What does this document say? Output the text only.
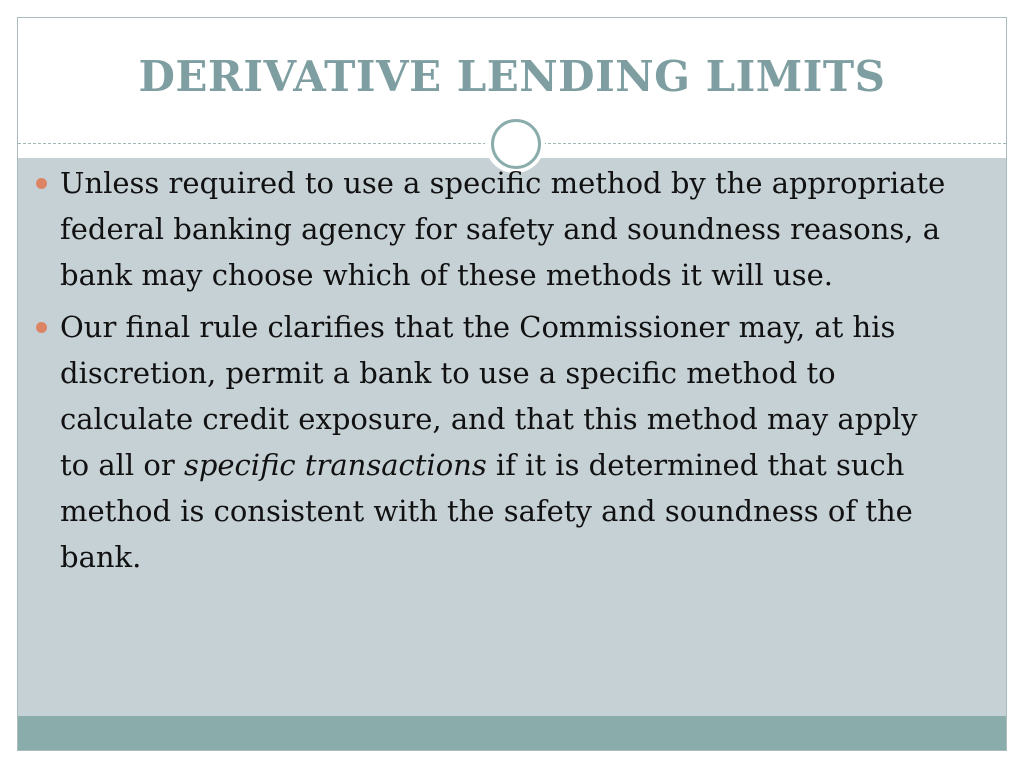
DERIVATIVE LENDING LIMITS
Unless required to use a specific method by the appropriate federal banking agency for safety and soundness reasons, a bank may choose which of these methods it will use.
Our final rule clarifies that the Commissioner may, at his discretion, permit a bank to use a specific method to calculate credit exposure, and that this method may apply to all or specific transactions if it is determined that such method is consistent with the safety and soundness of the bank.
